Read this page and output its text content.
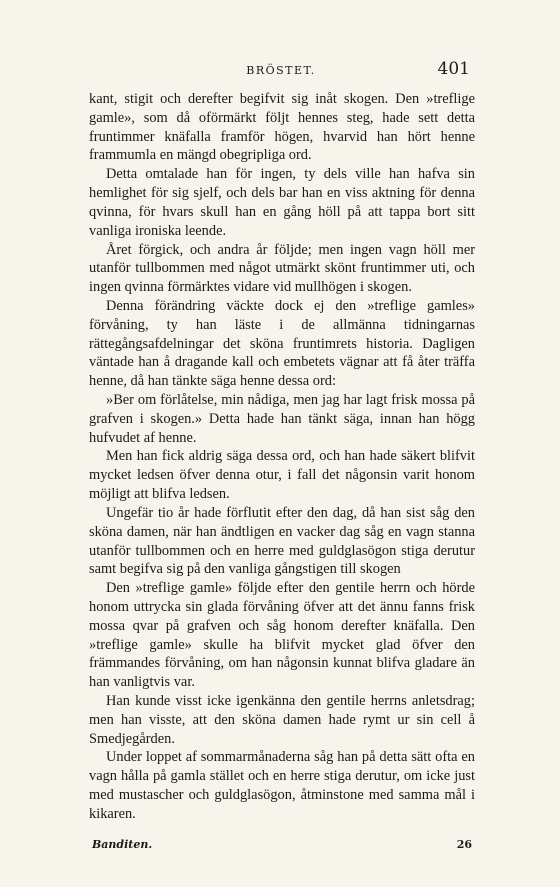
BRÖSTET.	401

kant, stigit och derefter begifvit sig inåt skogen. Den »treflige gamle», som då oförmärkt följt hennes steg, hade sett detta fruntimmer knäfalla framför högen, hvarvid han hört henne frammumla en mängd obegripliga ord.

Detta omtalade han för ingen, ty dels ville han hafva sin hemlighet för sig sjelf, och dels bar han en viss aktning för denna qvinna, för hvars skull han en gång höll på att tappa bort sitt vanliga ironiska leende.

Året förgick, och andra år följde; men ingen vagn höll mer utanför tullbommen med något utmärkt skönt fruntimmer uti, och ingen qvinna förmärktes vidare vid mullhögen i skogen.

Denna förändring väckte dock ej den »treflige gamles» förvåning, ty han läste i de allmänna tidningarnas rättegångsafdelningar det sköna fruntimrets historia. Dagligen väntade han å dragande kall och embetets vägnar att få åter träffa henne, då han tänkte säga henne dessa ord:

»Ber om förlåtelse, min nådiga, men jag har lagt frisk mossa på grafven i skogen.» Detta hade han tänkt säga, innan han högg hufvudet af henne.

Men han fick aldrig säga dessa ord, och han hade säkert blifvit mycket ledsen öfver denna otur, i fall det någonsin varit honom möjligt att blifva ledsen.

Ungefär tio år hade förflutit efter den dag, då han sist såg den sköna damen, när han ändtligen en vacker dag såg en vagn stanna utanför tullbommen och en herre med guldglasögon stiga derutur samt begifva sig på den vanliga gångstigen till skogen

Den »treflige gamle» följde efter den gentile herrn och hörde honom uttrycka sin glada förvåning öfver att det ännu fanns frisk mossa qvar på grafven och såg honom derefter knäfalla. Den »treflige gamle» skulle ha blifvit mycket glad öfver den främmandes förvåning, om han någonsin kunnat blifva gladare än han vanligtvis var.

Han kunde visst icke igenkänna den gentile herrns anletsdrag; men han visste, att den sköna damen hade rymt ur sin cell å Smedjegården.

Under loppet af sommarmånaderna såg han på detta sätt ofta en vagn hålla på gamla stället och en herre stiga derutur, om icke just med mustascher och guldglasögon, åtminstone med samma mål i kikaren.

Banditen.	26
